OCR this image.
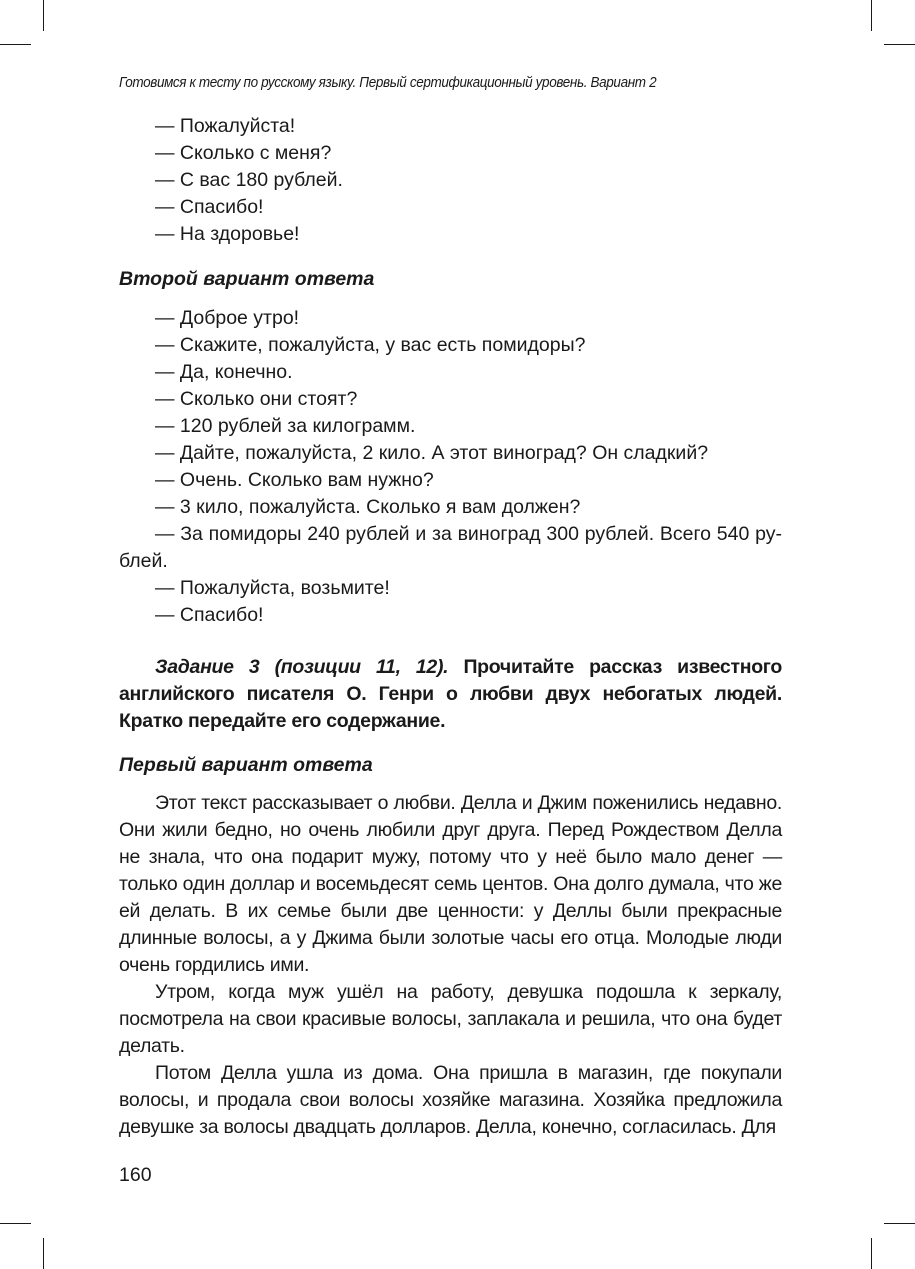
Готовимся к тесту по русскому языку. Первый сертификационный уровень. Вариант 2
— Пожалуйста!
— Сколько с меня?
— С вас 180 рублей.
— Спасибо!
— На здоровье!
Второй вариант ответа
— Доброе утро!
— Скажите, пожалуйста, у вас есть помидоры?
— Да, конечно.
— Сколько они стоят?
— 120 рублей за килограмм.
— Дайте, пожалуйста, 2 кило. А этот виноград? Он сладкий?
— Очень. Сколько вам нужно?
— 3 кило, пожалуйста. Сколько я вам должен?
— За помидоры 240 рублей и за виноград 300 рублей. Всего 540 ру-
блей.
— Пожалуйста, возьмите!
— Спасибо!

Задание 3 (позиции 11, 12). Прочитайте рассказ известного английского писателя О. Генри о любви двух небогатых людей. Кратко передайте его содержание.

Первый вариант ответа

Этот текст рассказывает о любви. Делла и Джим поженились недавно. Они жили бедно, но очень любили друг друга. Перед Рождеством Делла не знала, что она подарит мужу, потому что у неё было мало денег — только один доллар и восемьдесят семь центов. Она долго думала, что же ей делать. В их семье были две ценности: у Деллы были прекрасные длинные волосы, а у Джима были золотые часы его отца. Молодые люди очень гордились ими.

Утром, когда муж ушёл на работу, девушка подошла к зеркалу, посмотрела на свои красивые волосы, заплакала и решила, что она будет делать.

Потом Делла ушла из дома. Она пришла в магазин, где покупали волосы, и продала свои волосы хозяйке магазина. Хозяйка предложила девушке за волосы двадцать долларов. Делла, конечно, согласилась. Для

160
